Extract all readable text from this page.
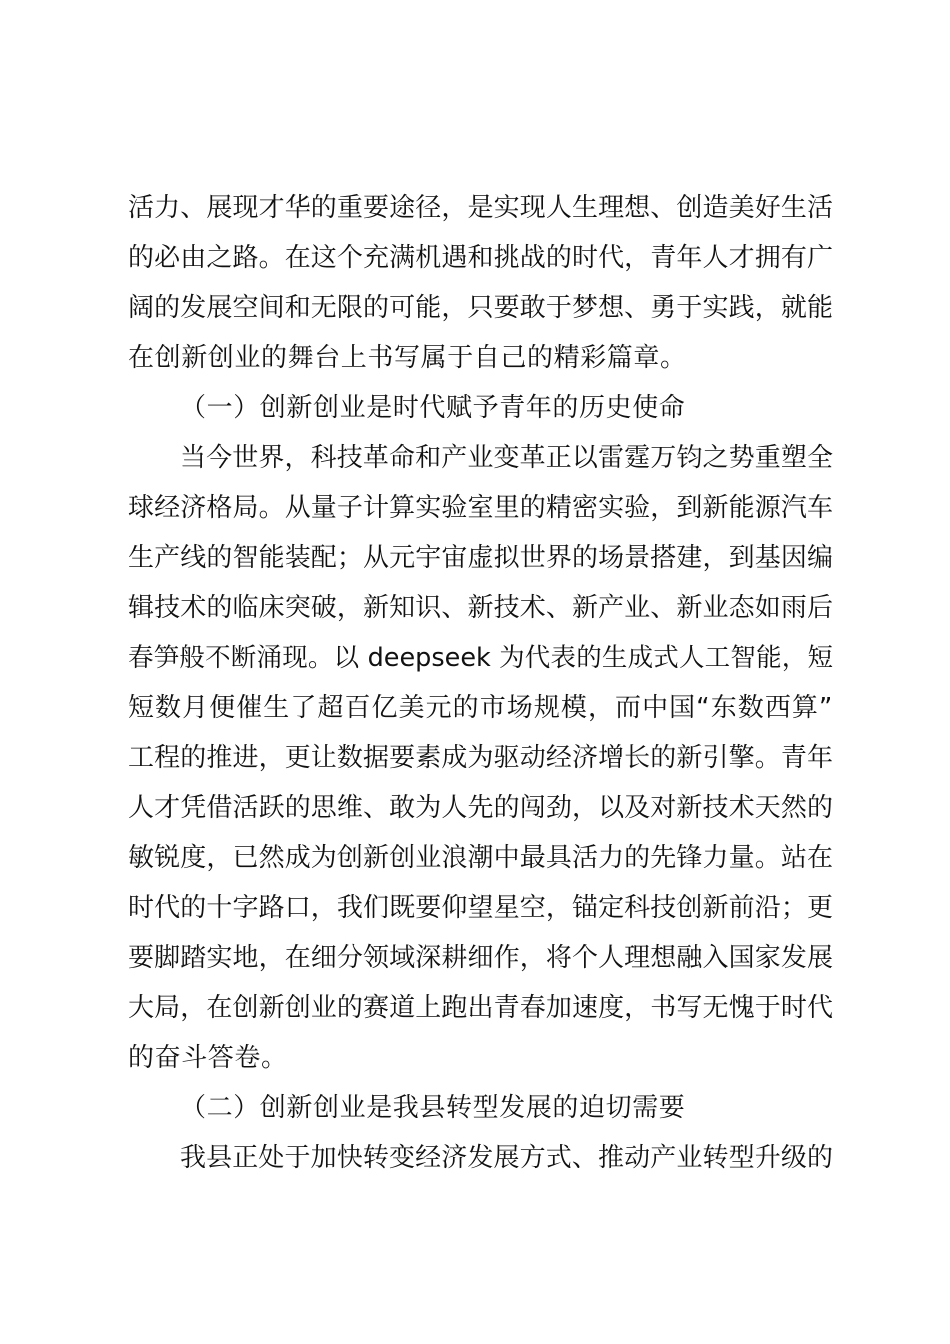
活力、展现才华的重要途径，是实现人生理想、创造美好生活
的必由之路。在这个充满机遇和挑战的时代，青年人才拥有广
阔的发展空间和无限的可能，只要敢于梦想、勇于实践，就能
在创新创业的舞台上书写属于自己的精彩篇章。
（一）创新创业是时代赋予青年的历史使命
当今世界，科技革命和产业变革正以雷霆万钧之势重塑全
球经济格局。从量子计算实验室里的精密实验，到新能源汽车
生产线的智能装配；从元宇宙虚拟世界的场景搭建，到基因编
辑技术的临床突破，新知识、新技术、新产业、新业态如雨后
春笋般不断涌现。以 deepseek 为代表的生成式人工智能，短
短数月便催生了超百亿美元的市场规模，而中国“东数西算”
工程的推进，更让数据要素成为驱动经济增长的新引擎。青年
人才凭借活跃的思维、敢为人先的闯劲，以及对新技术天然的
敏锐度，已然成为创新创业浪潮中最具活力的先锋力量。站在
时代的十字路口，我们既要仰望星空，锚定科技创新前沿；更
要脚踏实地，在细分领域深耕细作，将个人理想融入国家发展
大局，在创新创业的赛道上跑出青春加速度，书写无愧于时代
的奋斗答卷。
（二）创新创业是我县转型发展的迫切需要
我县正处于加快转变经济发展方式、推动产业转型升级的
